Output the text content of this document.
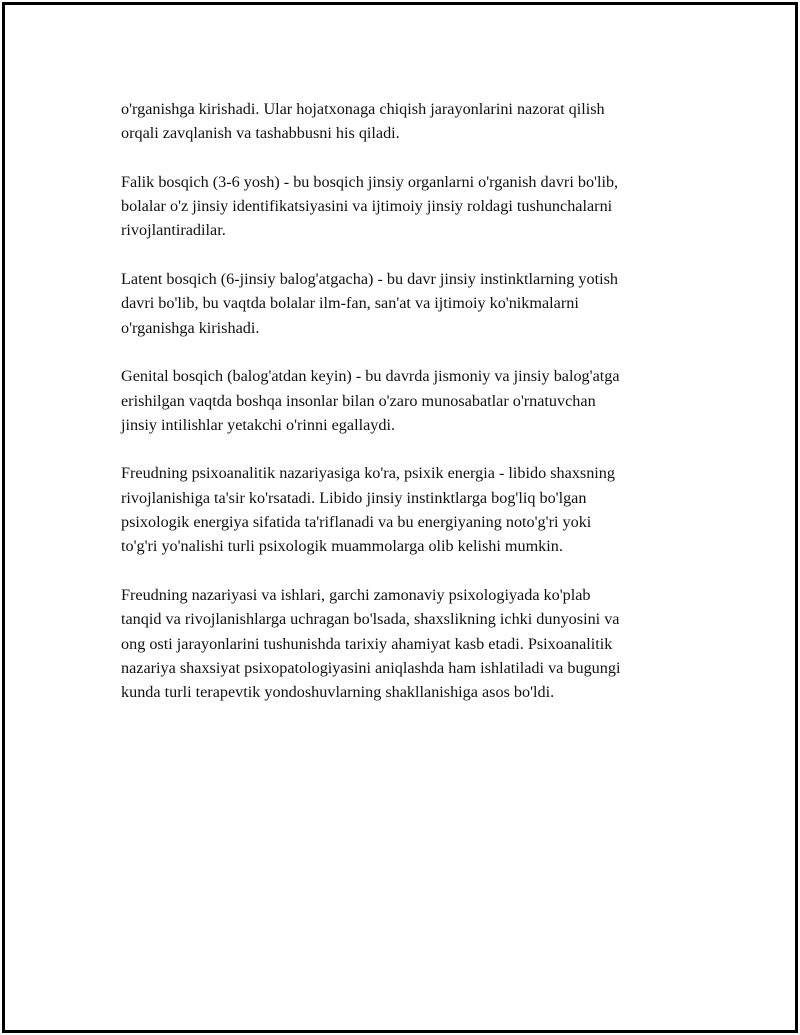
o'rganishga kirishadi. Ular hojatxonaga chiqish jarayonlarini nazorat qilish
orqali zavqlanish va tashabbusni his qiladi.

Falik bosqich (3-6 yosh) - bu bosqich jinsiy organlarni o'rganish davri bo'lib,
bolalar o'z jinsiy identifikatsiyasini va ijtimoiy jinsiy roldagi tushunchalarni
rivojlantiradilar.

Latent bosqich (6-jinsiy balog'atgacha) - bu davr jinsiy instinktlarning yotish
davri bo'lib, bu vaqtda bolalar ilm-fan, san'at va ijtimoiy ko'nikmalarni
o'rganishga kirishadi.

Genital bosqich (balog'atdan keyin) - bu davrda jismoniy va jinsiy balog'atga
erishilgan vaqtda boshqa insonlar bilan o'zaro munosabatlar o'rnatuvchan
jinsiy intilishlar yetakchi o'rinni egallaydi.

Freudning psixoanalitik nazariyasiga ko'ra, psixik energia - libido shaxsning
rivojlanishiga ta'sir ko'rsatadi. Libido jinsiy instinktlarga bog'liq bo'lgan
psixologik energiya sifatida ta'riflanadi va bu energiyaning noto'g'ri yoki
to'g'ri yo'nalishi turli psixologik muammolarga olib kelishi mumkin.

Freudning nazariyasi va ishlari, garchi zamonaviy psixologiyada ko'plab
tanqid va rivojlanishlarga uchragan bo'lsada, shaxslikning ichki dunyosini va
ong osti jarayonlarini tushunishda tarixiy ahamiyat kasb etadi. Psixoanalitik
nazariya shaxsiyat psixopatologiyasini aniqlashda ham ishlatiladi va bugungi
kunda turli terapevtik yondoshuvlarning shakllanishiga asos bo'ldi.
